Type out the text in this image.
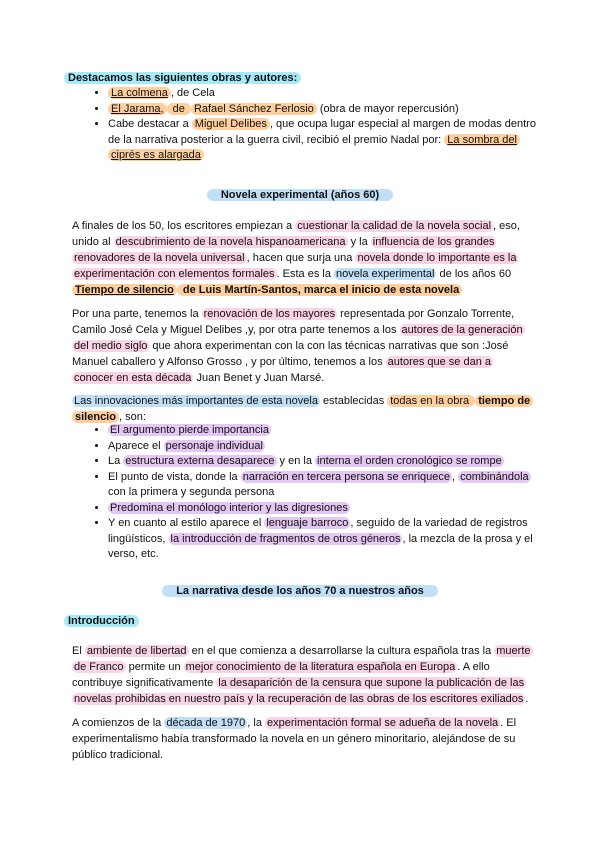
Destacamos las siguientes obras y autores:
• La colmena , de Cela
• El Jarama, de Rafael Sánchez Ferlosio (obra de mayor repercusión)
• Cabe destacar a Miguel Delibes , que ocupa lugar especial al margen de modas dentro de la narrativa posterior a la guerra civil, recibió el premio Nadal por: La sombra del ciprés es alargada
Novela experimental (años 60)

A finales de los 50, los escritores empiezan a cuestionar la calidad de la novela social , eso, unido al descubrimiento de la novela hispanoamericana y la influencia de los grandes renovadores de la novela universal , hacen que surja una novela donde lo importante es la experimentación con elementos formales . Esta es la novela experimental de los años 60 Tiempo de silencio de Luis Martín-Santos, marca el inicio de esta novela

Por una parte, tenemos la renovación de los mayores representada por Gonzalo Torrente, Camilo José Cela y Miguel Delibes ,y, por otra parte tenemos a los autores de la generación del medio siglo que ahora experimentan con la con las técnicas narrativas que son :José Manuel caballero y Alfonso Grosso , y por último, tenemos a los autores que se dan a conocer en esta década Juan Benet y Juan Marsé.

Las innovaciones más importantes de esta novela establecidas todas en la obra tiempo de silencio , son:

• El argumento pierde importancia
• Aparece el personaje individual
• La estructura externa desaparece y en la interna el orden cronológico se rompe
• El punto de vista, donde la narración en tercera persona se enriquece , combinándola con la primera y segunda persona
• Predomina el monólogo interior y las digresiones
• Y en cuanto al estilo aparece el lenguaje barroco , seguido de la variedad de registros lingüísticos, la introducción de fragmentos de otros géneros , la mezcla de la prosa y el verso, etc.
La narrativa desde los años 70 a nuestros años
Introducción

El ambiente de libertad en el que comienza a desarrollarse la cultura española tras la muerte de Franco permite un mejor conocimiento de la literatura española en Europa . A ello contribuye significativamente la desaparición de la censura que supone la publicación de las novelas prohibidas en nuestro país y la recuperación de las obras de los escritores exiliados .

A comienzos de la década de 1970 , la experimentación formal se adueña de la novela . El experimentalismo había transformado la novela en un género minoritario, alejándose de su público tradicional.
